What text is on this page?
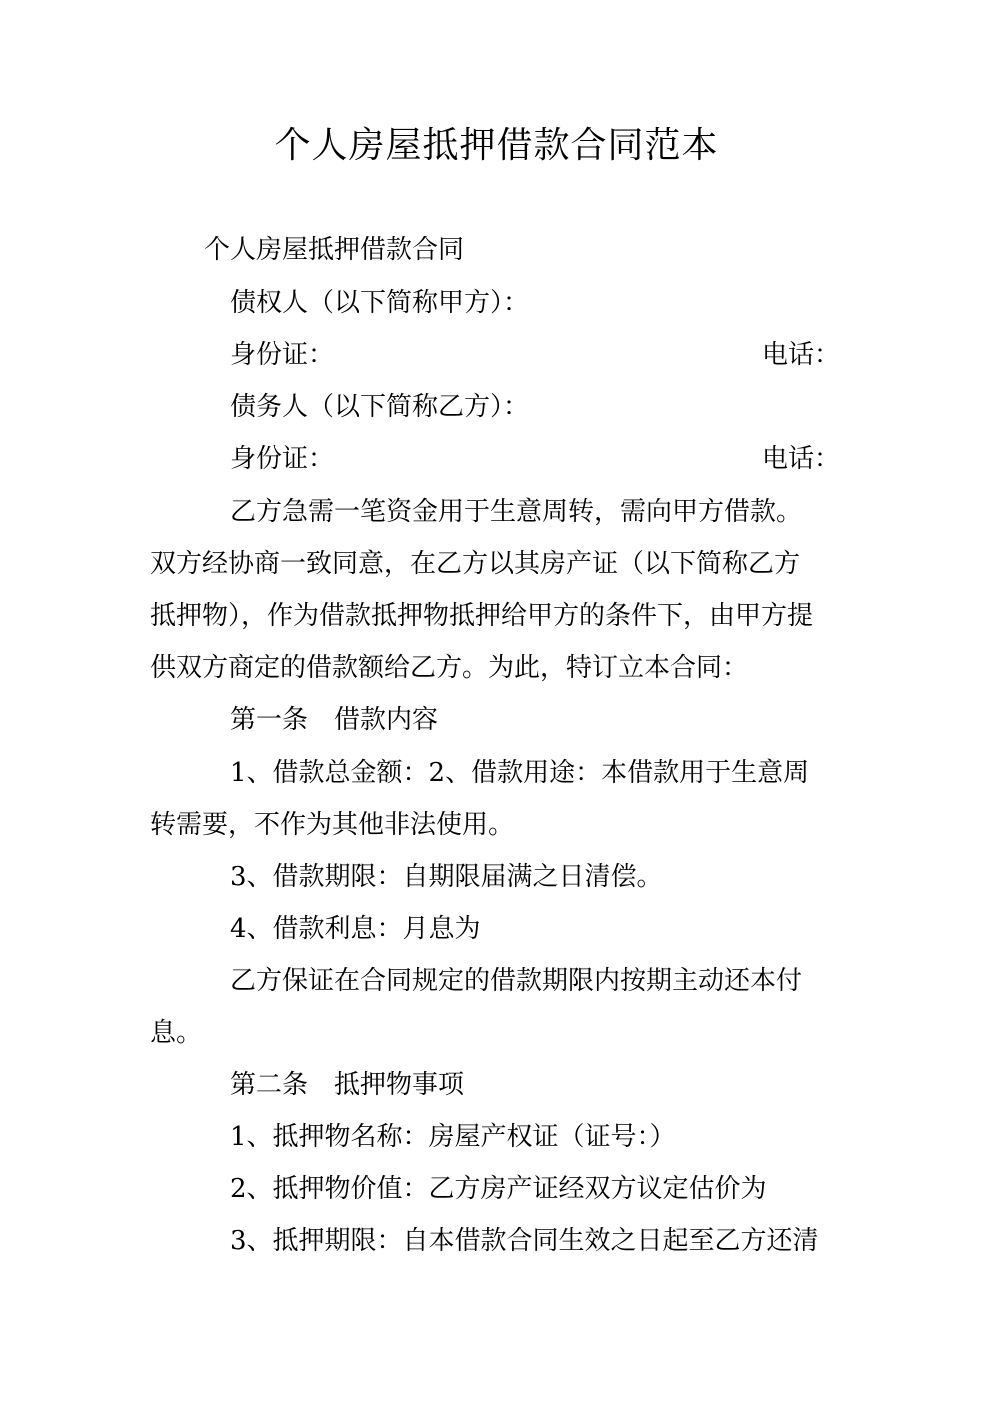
个人房屋抵押借款合同范本
个人房屋抵押借款合同
债权人（以下简称甲方）：
身份证：	电话：
债务人（以下简称乙方）：
身份证：	电话：
乙方急需一笔资金用于生意周转，需向甲方借款。
双方经协商一致同意，在乙方以其房产证（以下简称乙方
抵押物），作为借款抵押物抵押给甲方的条件下，由甲方提
供双方商定的借款额给乙方。为此，特订立本合同：
第一条　借款内容
1、借款总金额：2、借款用途：本借款用于生意周
转需要，不作为其他非法使用。
3、借款期限：自期限届满之日清偿。
4、借款利息：月息为
乙方保证在合同规定的借款期限内按期主动还本付
息。
第二条　抵押物事项
1、抵押物名称：房屋产权证（证号：）
2、抵押物价值：乙方房产证经双方议定估价为
3、抵押期限：自本借款合同生效之日起至乙方还清
